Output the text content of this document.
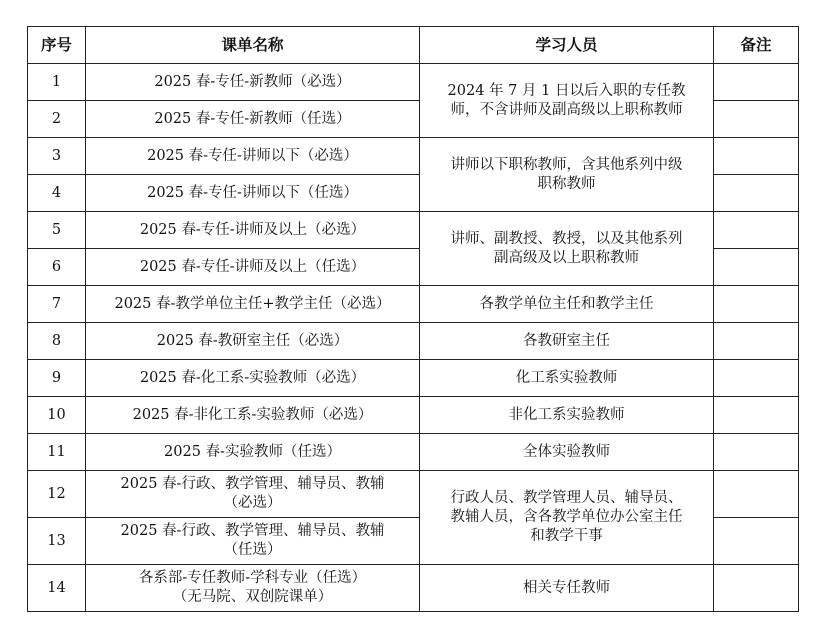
序号	课单名称	学习人员	备注
1	2025 春-专任-新教师（必选）	2024 年 7 月 1 日以后入职的专任教
师，不含讲师及副高级以上职称教师	

2	2025 春-专任-新教师（任选）		
3	2025 春-专任-讲师以下（必选）	讲师以下职称教师，含其他系列中级
职称教师	

4	2025 春-专任-讲师以下（任选）		
5	2025 春-专任-讲师及以上（必选）	讲师、副教授、教授，以及其他系列
副高级及以上职称教师	

6	2025 春-专任-讲师及以上（任选）		
7	2025 春-教学单位主任+教学主任（必选）	各教学单位主任和教学主任	
8	2025 春-教研室主任（必选）	各教研室主任	
9	2025 春-化工系-实验教师（必选）	化工系实验教师	
10	2025 春-非化工系-实验教师（必选）	非化工系实验教师	
11	2025 春-实验教师（任选）	全体实验教师	
12	2025 春-行政、教学管理、辅导员、教辅
（必选）	行政人员、教学管理人员、辅导员、
教辅人员，含各教学单位办公室主任
和教学干事	

13	2025 春-行政、教学管理、辅导员、教辅
（任选）		

14	各系部-专任教师-学科专业（任选）
（无马院、双创院课单）	相关专任教师	
